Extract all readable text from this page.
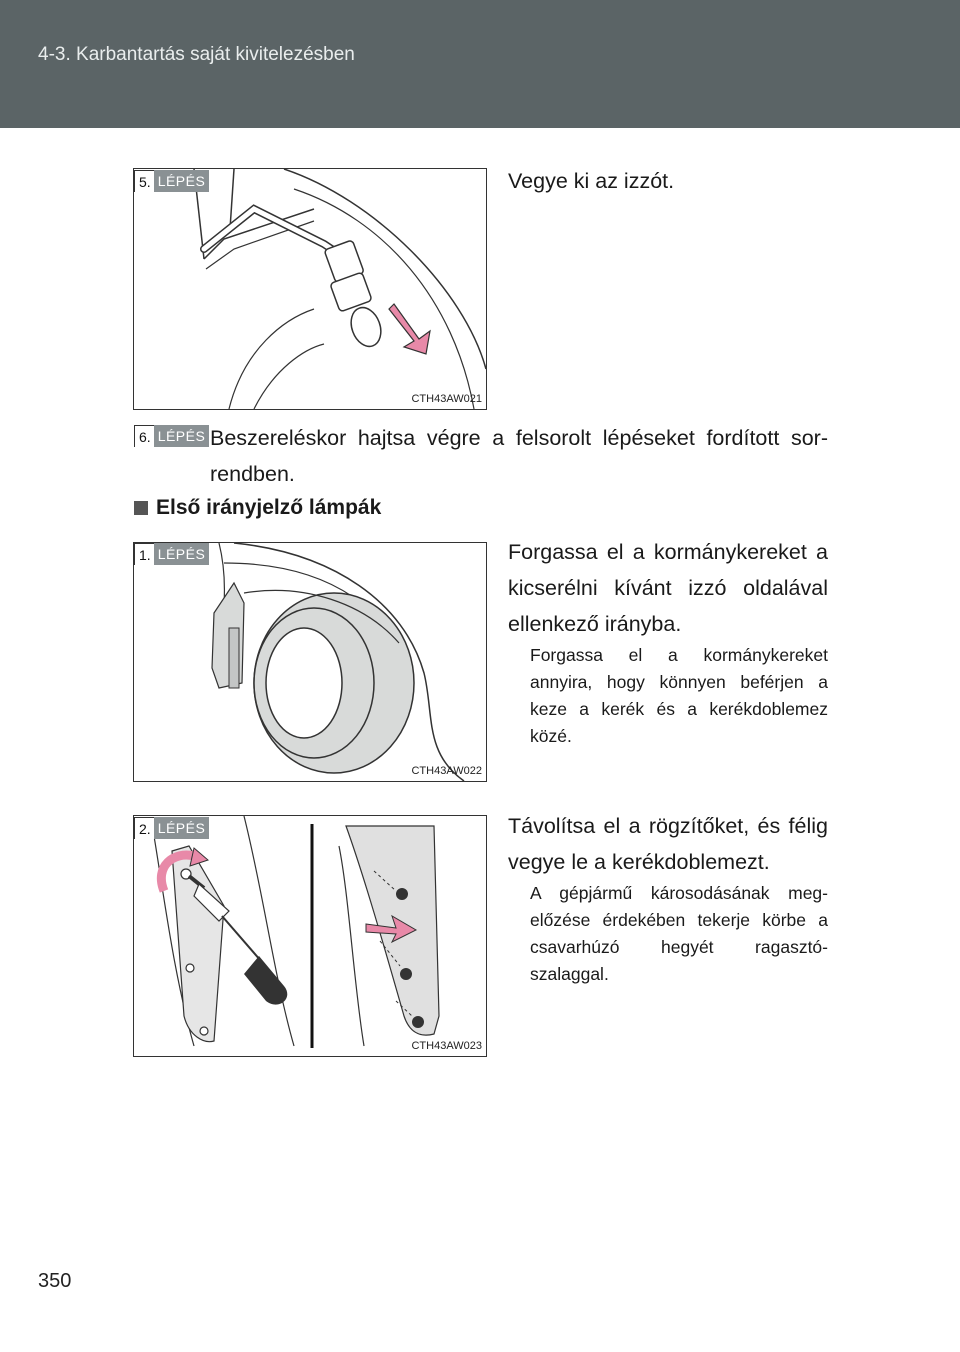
4-3. Karbantartás saját kivitelezésben
CTH43AW021
5. LÉPÉS	Vegye ki az izzót.
6. LÉPÉS Beszereléskor hajtsa végre a felsorolt lépéseket fordított sor-rendben.
Első irányjelző lámpák
CTH43AW022
1. LÉPÉS	Forgassa el a kormánykereket a kicserélni kívánt izzó oldalával ellenkező irányba.
Forgassa el a kormánykereket annyira, hogy könnyen beférjen a keze a kerék és a kerékdoblemez közé.
CTH43AW023
2. LÉPÉS	Távolítsa el a rögzítőket, és félig vegye le a kerékdoblemezt.
A gépjármű károsodásának meg-előzése érdekében tekerje körbe a csavarhúzó hegyét ragasztó-szalaggal.
350
